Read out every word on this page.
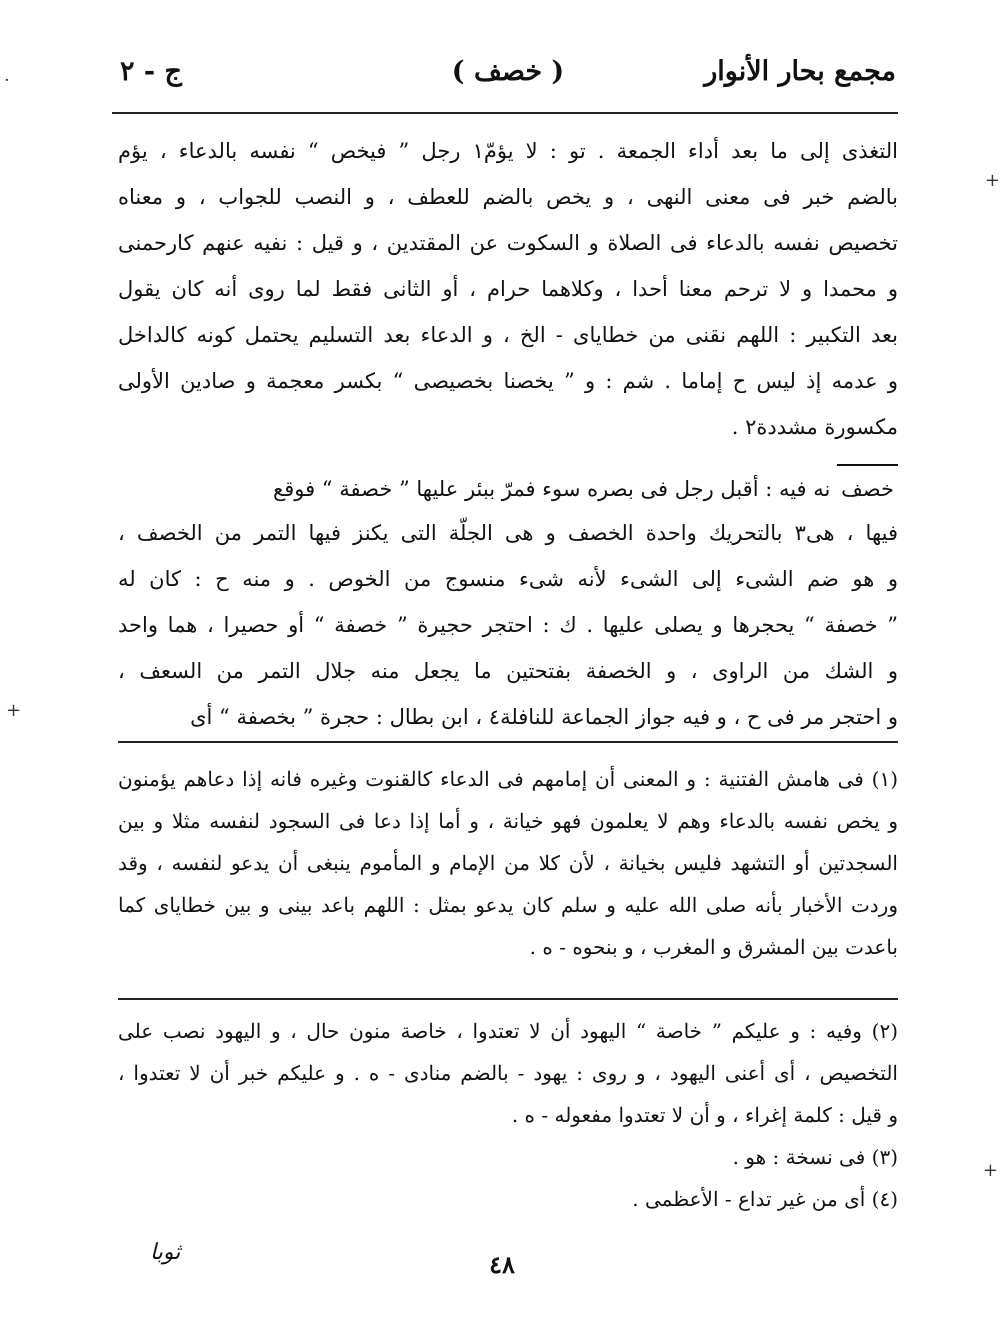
مجمع بحار الأنوار
( خصف )
ج - ٢
التغذى إلى ما بعد أداء الجمعة . تو : لا يؤمّ١ رجل ” فيخص “ نفسه بالدعاء ، يؤم
بالضم خبر فى معنى النهى ، و يخص بالضم للعطف ، و النصب للجواب ، و معناه
تخصيص نفسه بالدعاء فى الصلاة و السكوت عن المقتدين ، و قيل : نفيه عنهم كارحمنى
و محمدا و لا ترحم معنا أحدا ، وكلاهما حرام ، أو الثانى فقط لما روى أنه كان يقول
بعد التكبير : اللهم نقنى من خطاياى - الخ ، و الدعاء بعد التسليم يحتمل كونه كالداخل
و عدمه إذ ليس ح إماما . شم : و ” يخصنا بخصيصى “ بكسر معجمة و صادين الأولى
مكسورة مشددة٢ .
خصف نه فيه : أقبل رجل فى بصره سوء فمرّ ببئر عليها ” خصفة “ فوقع
فيها ، هى٣ بالتحريك واحدة الخصف و هى الجلّة التى يكنز فيها التمر من الخصف ،
و هو ضم الشىء إلى الشىء لأنه شىء منسوج من الخوص . و منه ح : كان له
” خصفة “ يحجرها و يصلى عليها . ك : احتجر حجيرة ” خصفة “ أو حصيرا ، هما واحد
و الشك من الراوى ، و الخصفة بفتحتين ما يجعل منه جلال التمر من السعف ،
و احتجر مر فى ح ، و فيه جواز الجماعة للنافلة٤ ، ابن بطال : حجرة ” بخصفة “ أى
(١) فى هامش الفتنية : و المعنى أن إمامهم فى الدعاء كالقنوت وغيره فانه إذا دعاهم يؤمنون
و يخص نفسه بالدعاء وهم لا يعلمون فهو خيانة ، و أما إذا دعا فى السجود لنفسه مثلا و بين
السجدتين أو التشهد فليس بخيانة ، لأن كلا من الإمام و المأموم ينبغى أن يدعو لنفسه ، وقد
وردت الأخبار بأنه صلى الله عليه و سلم كان يدعو بمثل : اللهم باعد بينى و بين خطاياى كما
باعدت بين المشرق و المغرب ، و بنحوه - ه .
(٢) وفيه : و عليكم ” خاصة “ اليهود أن لا تعتدوا ، خاصة منون حال ، و اليهود نصب على
التخصيص ، أى أعنى اليهود ، و روى : يهود - بالضم منادى - ه . و عليكم خبر أن لا تعتدوا ،
و قيل : كلمة إغراء ، و أن لا تعتدوا مفعوله - ه .
(٣) فى نسخة : هو .
(٤) أى من غير تداع - الأعظمى .
٤٨
ثوبا
·
+
+
+
